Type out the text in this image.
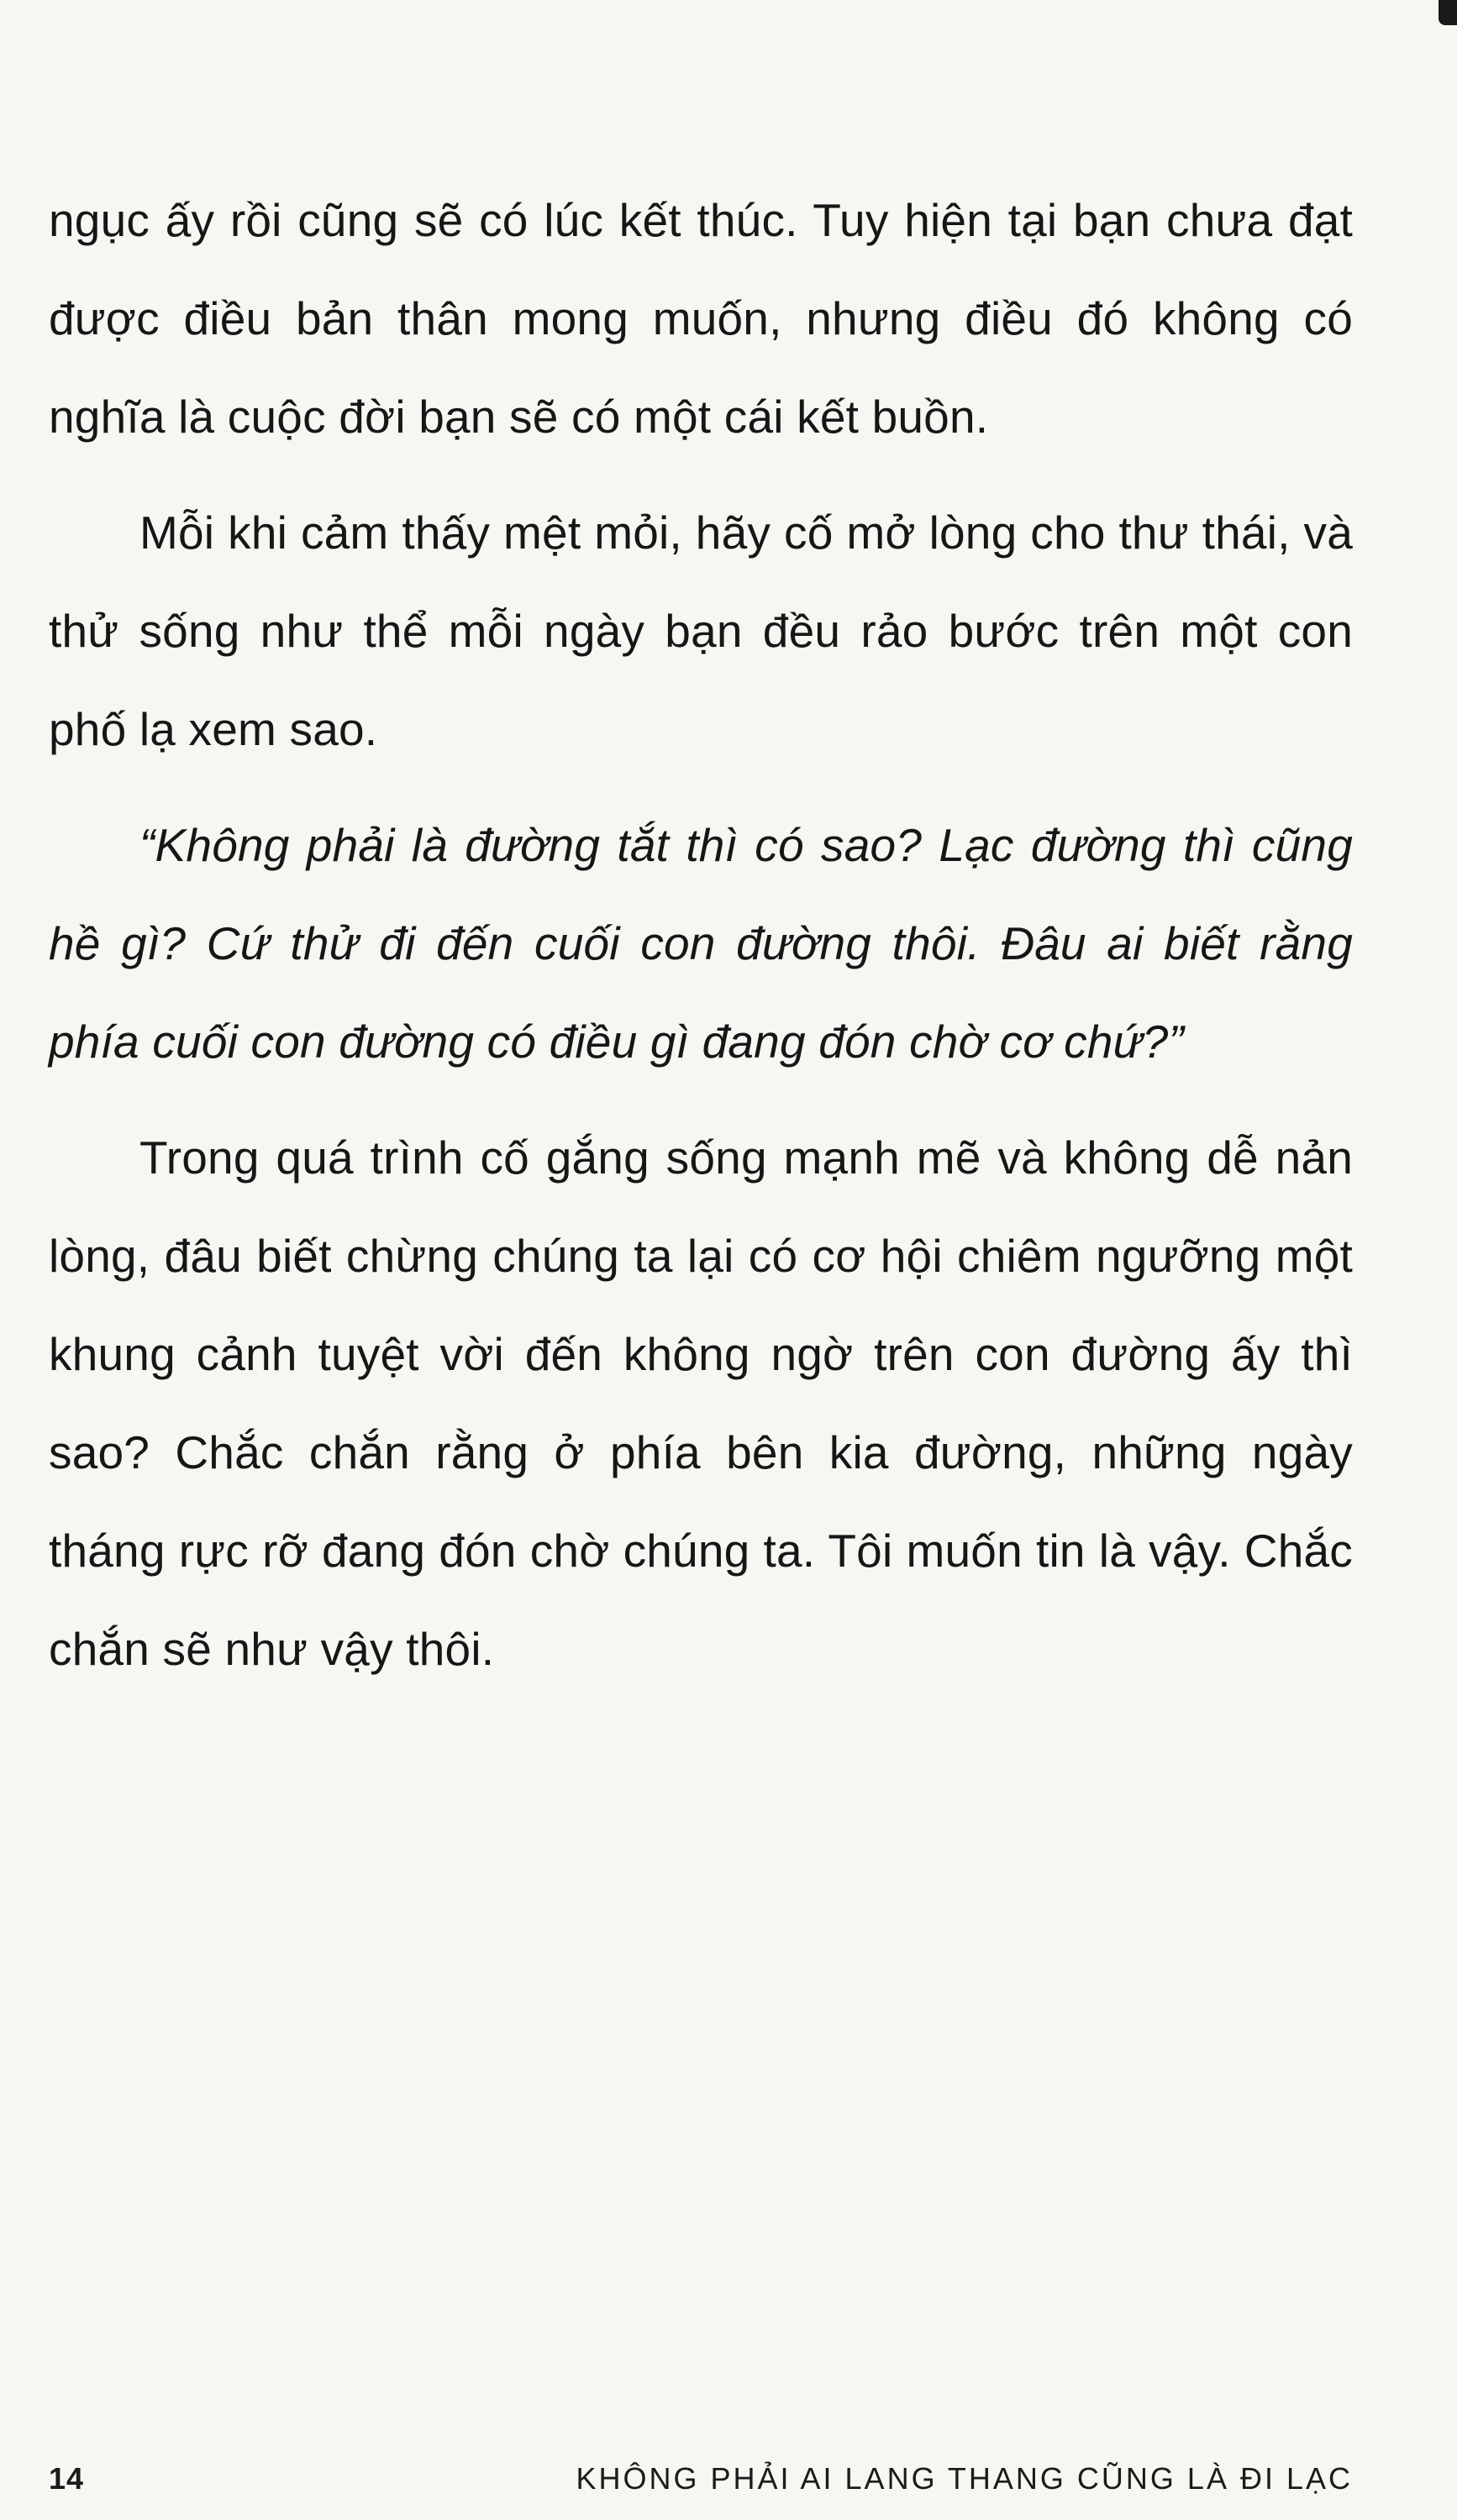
ngục ấy rồi cũng sẽ có lúc kết thúc. Tuy hiện tại bạn chưa đạt được điều bản thân mong muốn, nhưng điều đó không có nghĩa là cuộc đời bạn sẽ có một cái kết buồn.

Mỗi khi cảm thấy mệt mỏi, hãy cố mở lòng cho thư thái, và thử sống như thể mỗi ngày bạn đều rảo bước trên một con phố lạ xem sao.

“Không phải là đường tắt thì có sao? Lạc đường thì cũng hề gì? Cứ thử đi đến cuối con đường thôi. Đâu ai biết rằng phía cuối con đường có điều gì đang đón chờ cơ chứ?”

Trong quá trình cố gắng sống mạnh mẽ và không dễ nản lòng, đâu biết chừng chúng ta lại có cơ hội chiêm ngưỡng một khung cảnh tuyệt vời đến không ngờ trên con đường ấy thì sao? Chắc chắn rằng ở phía bên kia đường, những ngày tháng rực rỡ đang đón chờ chúng ta. Tôi muốn tin là vậy. Chắc chắn sẽ như vậy thôi.

14	KHÔNG PHẢI AI LANG THANG CŨNG LÀ ĐI LẠC
